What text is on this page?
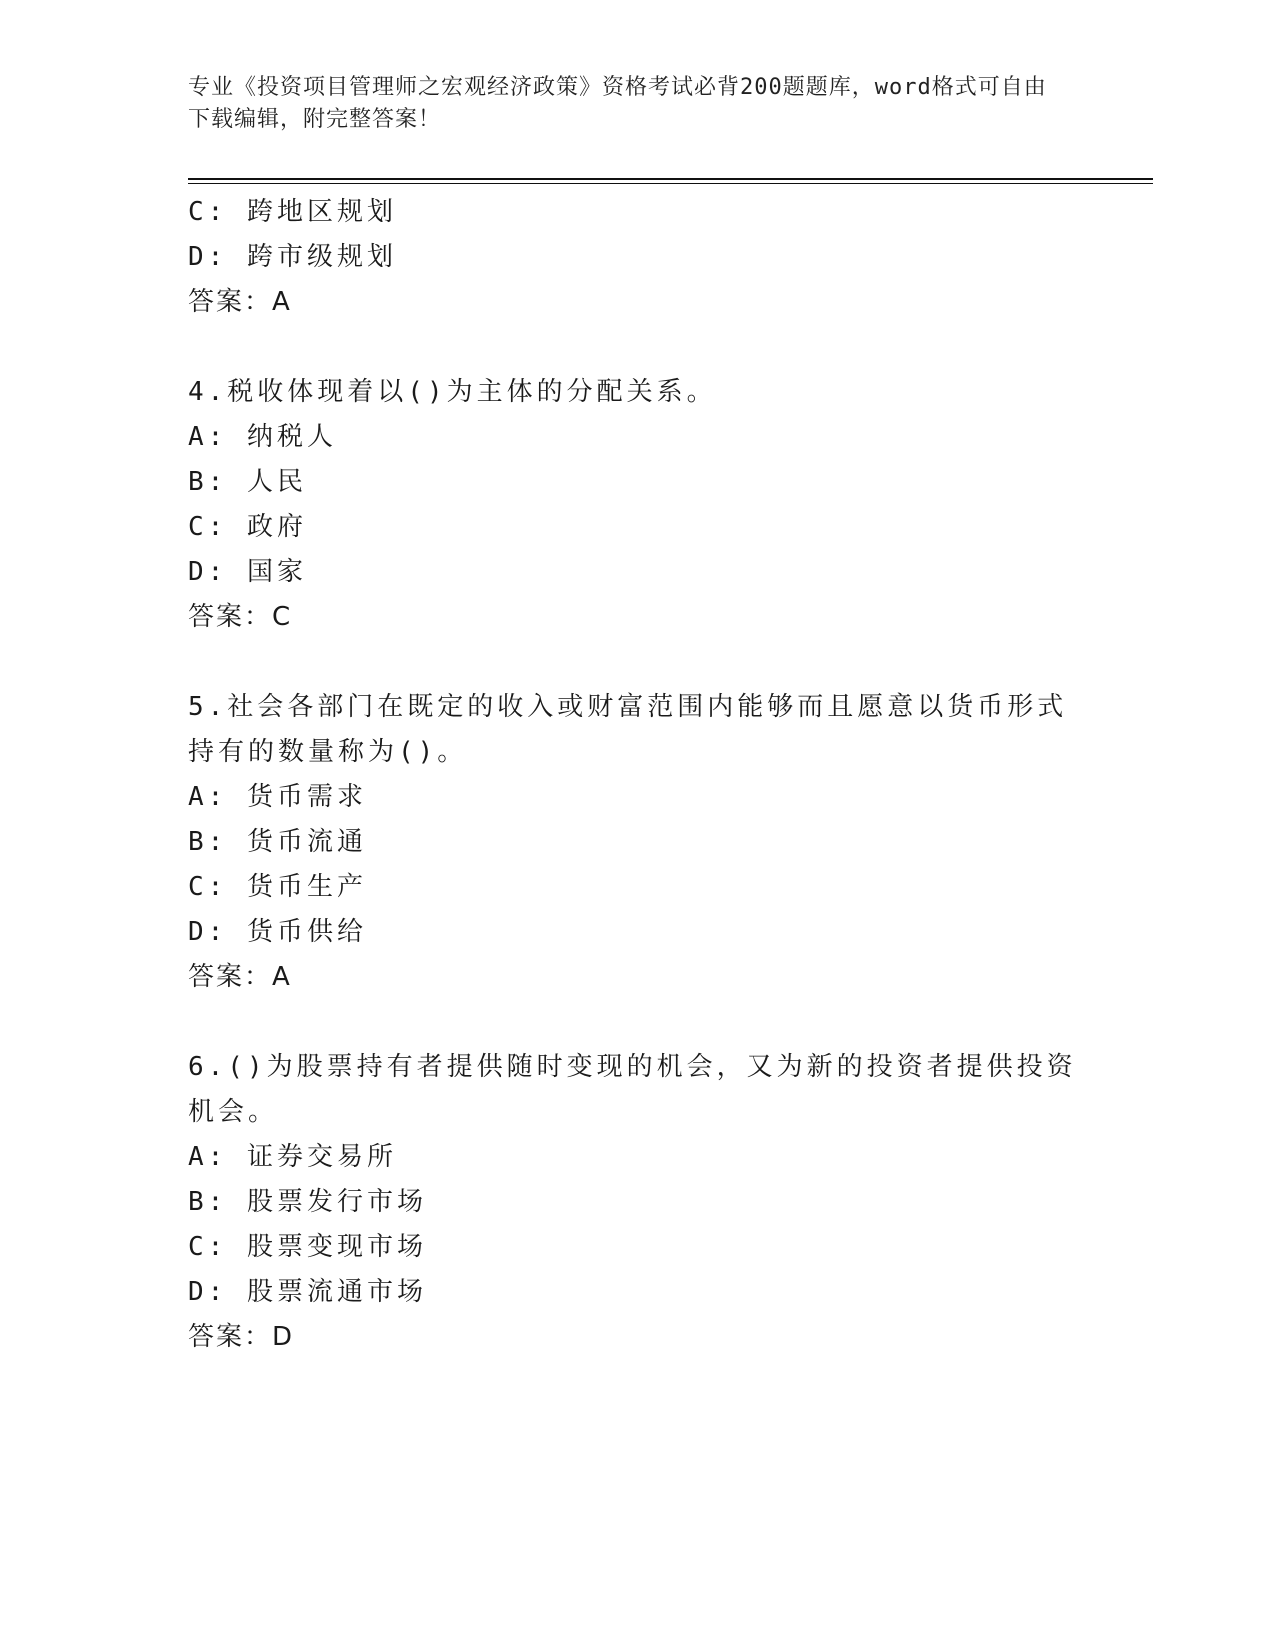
专业《投资项目管理师之宏观经济政策》资格考试必背200题题库，word格式可自由下载编辑，附完整答案！
C: 跨地区规划
D: 跨市级规划
答案：A
4.税收体现着以()为主体的分配关系。
A: 纳税人
B: 人民
C: 政府
D: 国家
答案：C
5.社会各部门在既定的收入或财富范围内能够而且愿意以货币形式持有的数量称为()。
A: 货币需求
B: 货币流通
C: 货币生产
D: 货币供给
答案：A
6.()为股票持有者提供随时变现的机会，又为新的投资者提供投资机会。
A: 证券交易所
B: 股票发行市场
C: 股票变现市场
D: 股票流通市场
答案：D
